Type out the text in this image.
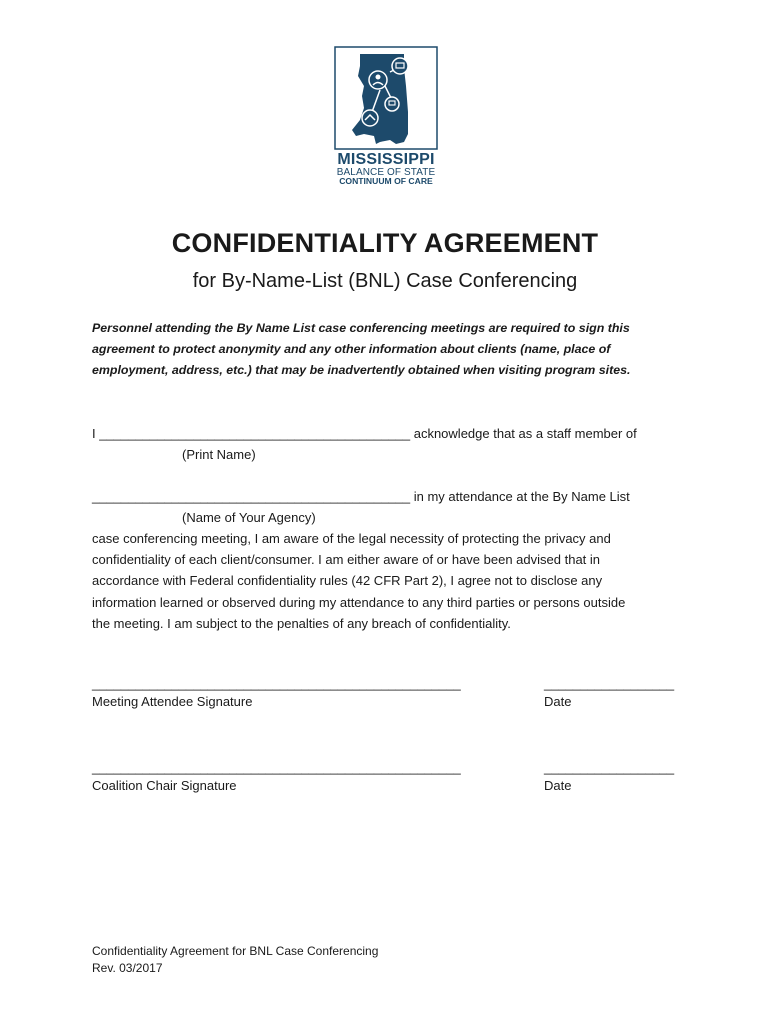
MISSISSIPPI
BALANCE OF STATE
CONTINUUM OF CARE
CONFIDENTIALITY AGREEMENT
for By-Name-List (BNL) Case Conferencing
Personnel attending the By Name List case conferencing meetings are required to sign this
agreement to protect anonymity and any other information about clients (name, place of
employment, address, etc.) that may be inadvertently obtained when visiting program sites.
I ___________________________________________ acknowledge that as a staff member of
(Print Name)
____________________________________________ in my attendance at the By Name List
(Name of Your Agency)
case conferencing meeting, I am aware of the legal necessity of protecting the privacy and
confidentiality of each client/consumer. I am either aware of or have been advised that in
accordance with Federal confidentiality rules (42 CFR Part 2), I agree not to disclose any
information learned or observed during my attendance to any third parties or persons outside
the meeting. I am subject to the penalties of any breach of confidentiality.
___________________________________________________
Meeting Attendee Signature
__________________
Date
___________________________________________________
Coalition Chair Signature
__________________
Date
Confidentiality Agreement for BNL Case Conferencing
Rev. 03/2017
